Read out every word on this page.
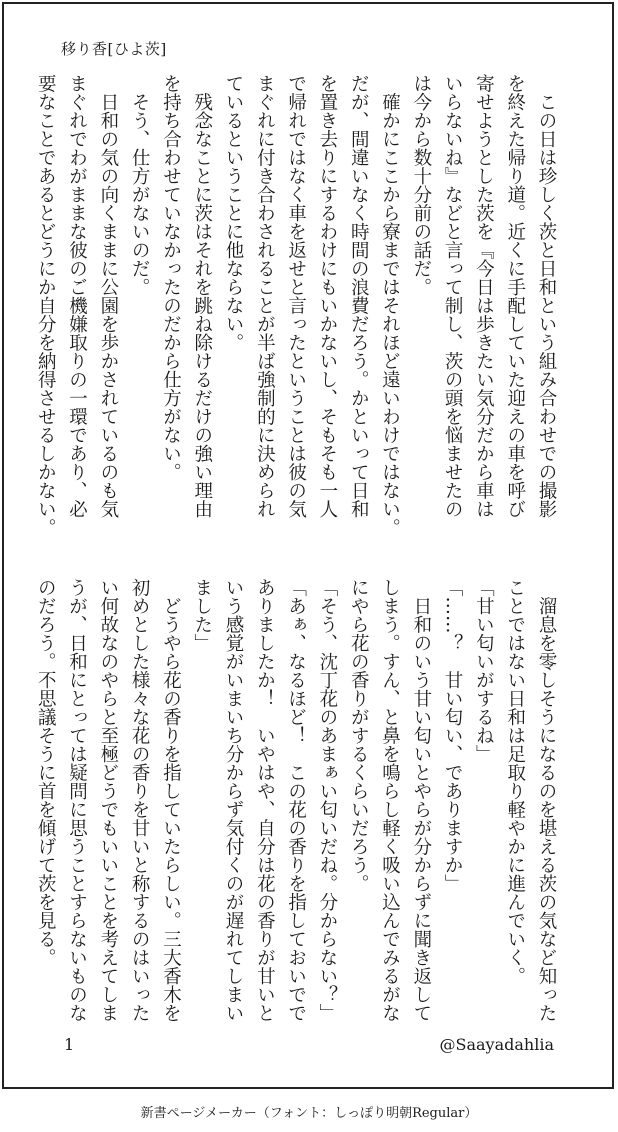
移り香[ひよ茨]
　この日は珍しく茨と日和という組み合わせでの撮影
を終えた帰り道。近くに手配していた迎えの車を呼び
寄せようとした茨を『今日は歩きたい気分だから車は
いらないね』などと言って制し、茨の頭を悩ませたの
は今から数十分前の話だ。
　確かにここから寮まではそれほど遠いわけではない。
だが、間違いなく時間の浪費だろう。かといって日和
を置き去りにするわけにもいかないし、そもそも一人
で帰れではなく車を返せと言ったということは彼の気
まぐれに付き合わされることが半ば強制的に決められ
ているということに他ならない。
　残念なことに茨はそれを跳ね除けるだけの強い理由
を持ち合わせていなかったのだから仕方がない。
　そう、仕方がないのだ。
　日和の気の向くままに公園を歩かされているのも気
まぐれでわがままな彼のご機嫌取りの一環であり、必
要なことであるとどうにか自分を納得させるしかない。
　溜息を零しそうになるのを堪える茨の気など知った
ことではない日和は足取り軽やかに進んでいく。
「甘い匂いがするね」
「……？　甘い匂い、でありますか」
　日和のいう甘い匂いとやらが分からずに聞き返して
しまう。すん、と鼻を鳴らし軽く吸い込んでみるがな
にやら花の香りがするくらいだろう。
「そう、沈丁花のあまぁい匂いだね。分からない？」
「あぁ、なるほど！　この花の香りを指しておいでで
ありましたか！　いやはや、自分は花の香りが甘いと
いう感覚がいまいち分からず気付くのが遅れてしまい
ました」
　どうやら花の香りを指していたらしい。三大香木を
初めとした様々な花の香りを甘いと称するのはいった
い何故なのやらと至極どうでもいいことを考えてしま
うが、日和にとっては疑問に思うことすらないものな
のだろう。不思議そうに首を傾げて茨を見る。
1	@Saayadahlia
新書ページメーカー（フォント：しっぽり明朝Regular）
